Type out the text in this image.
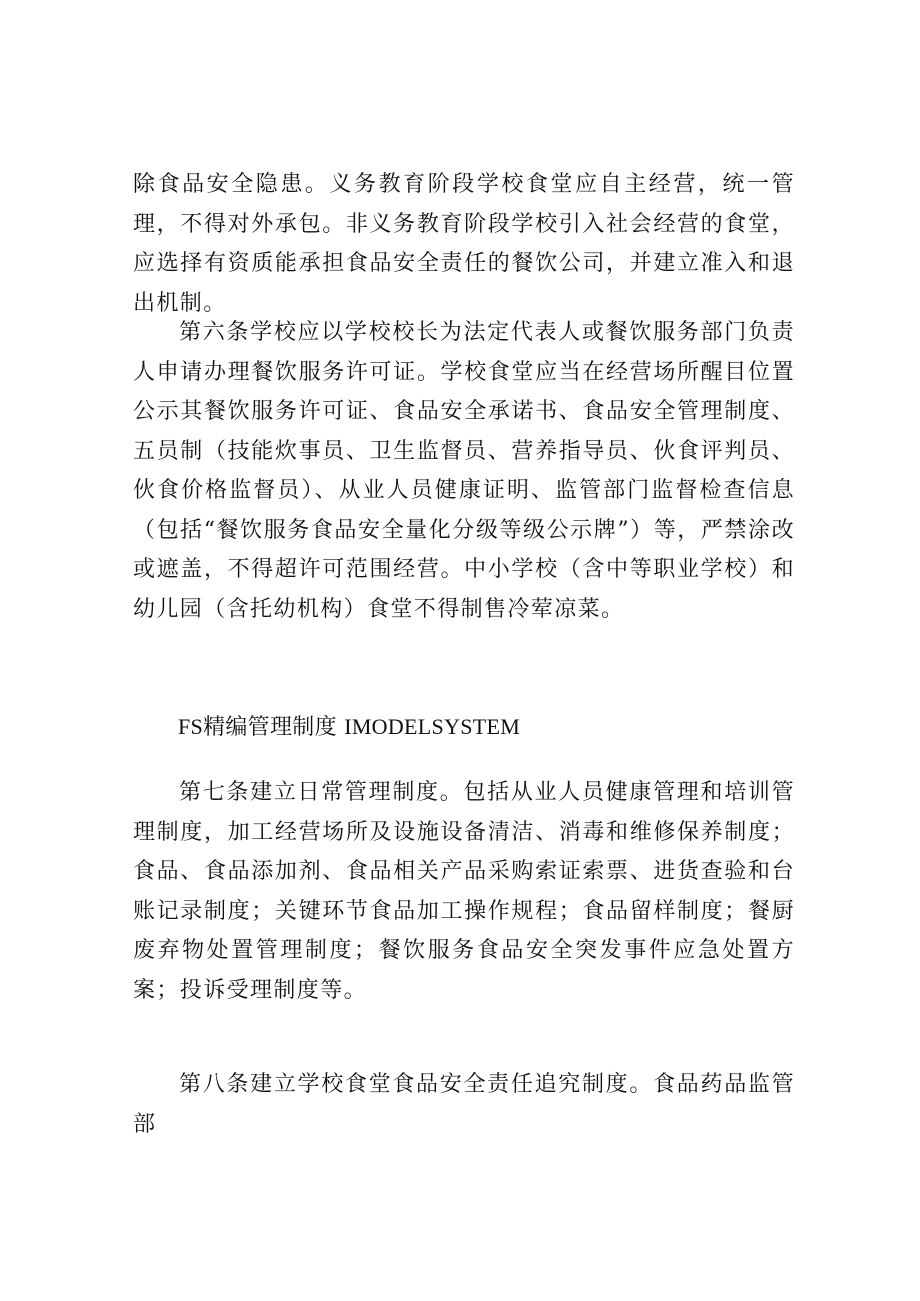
除食品安全隐患。义务教育阶段学校食堂应自主经营，统一管理，不得对外承包。非义务教育阶段学校引入社会经营的食堂，应选择有资质能承担食品安全责任的餐饮公司，并建立准入和退出机制。

第六条学校应以学校校长为法定代表人或餐饮服务部门负责人申请办理餐饮服务许可证。学校食堂应当在经营场所醒目位置公示其餐饮服务许可证、食品安全承诺书、食品安全管理制度、五员制（技能炊事员、卫生监督员、营养指导员、伙食评判员、伙食价格监督员）、从业人员健康证明、监管部门监督检查信息（包括“餐饮服务食品安全量化分级等级公示牌”）等，严禁涂改或遮盖，不得超许可范围经营。中小学校（含中等职业学校）和幼儿园（含托幼机构）食堂不得制售冷荤凉菜。

FS精编管理制度 IMODELSYSTEM

第七条建立日常管理制度。包括从业人员健康管理和培训管理制度，加工经营场所及设施设备清洁、消毒和维修保养制度；食品、食品添加剂、食品相关产品采购索证索票、进货查验和台账记录制度；关键环节食品加工操作规程；食品留样制度；餐厨废弃物处置管理制度；餐饮服务食品安全突发事件应急处置方案；投诉受理制度等。

第八条建立学校食堂食品安全责任追究制度。食品药品监管部
